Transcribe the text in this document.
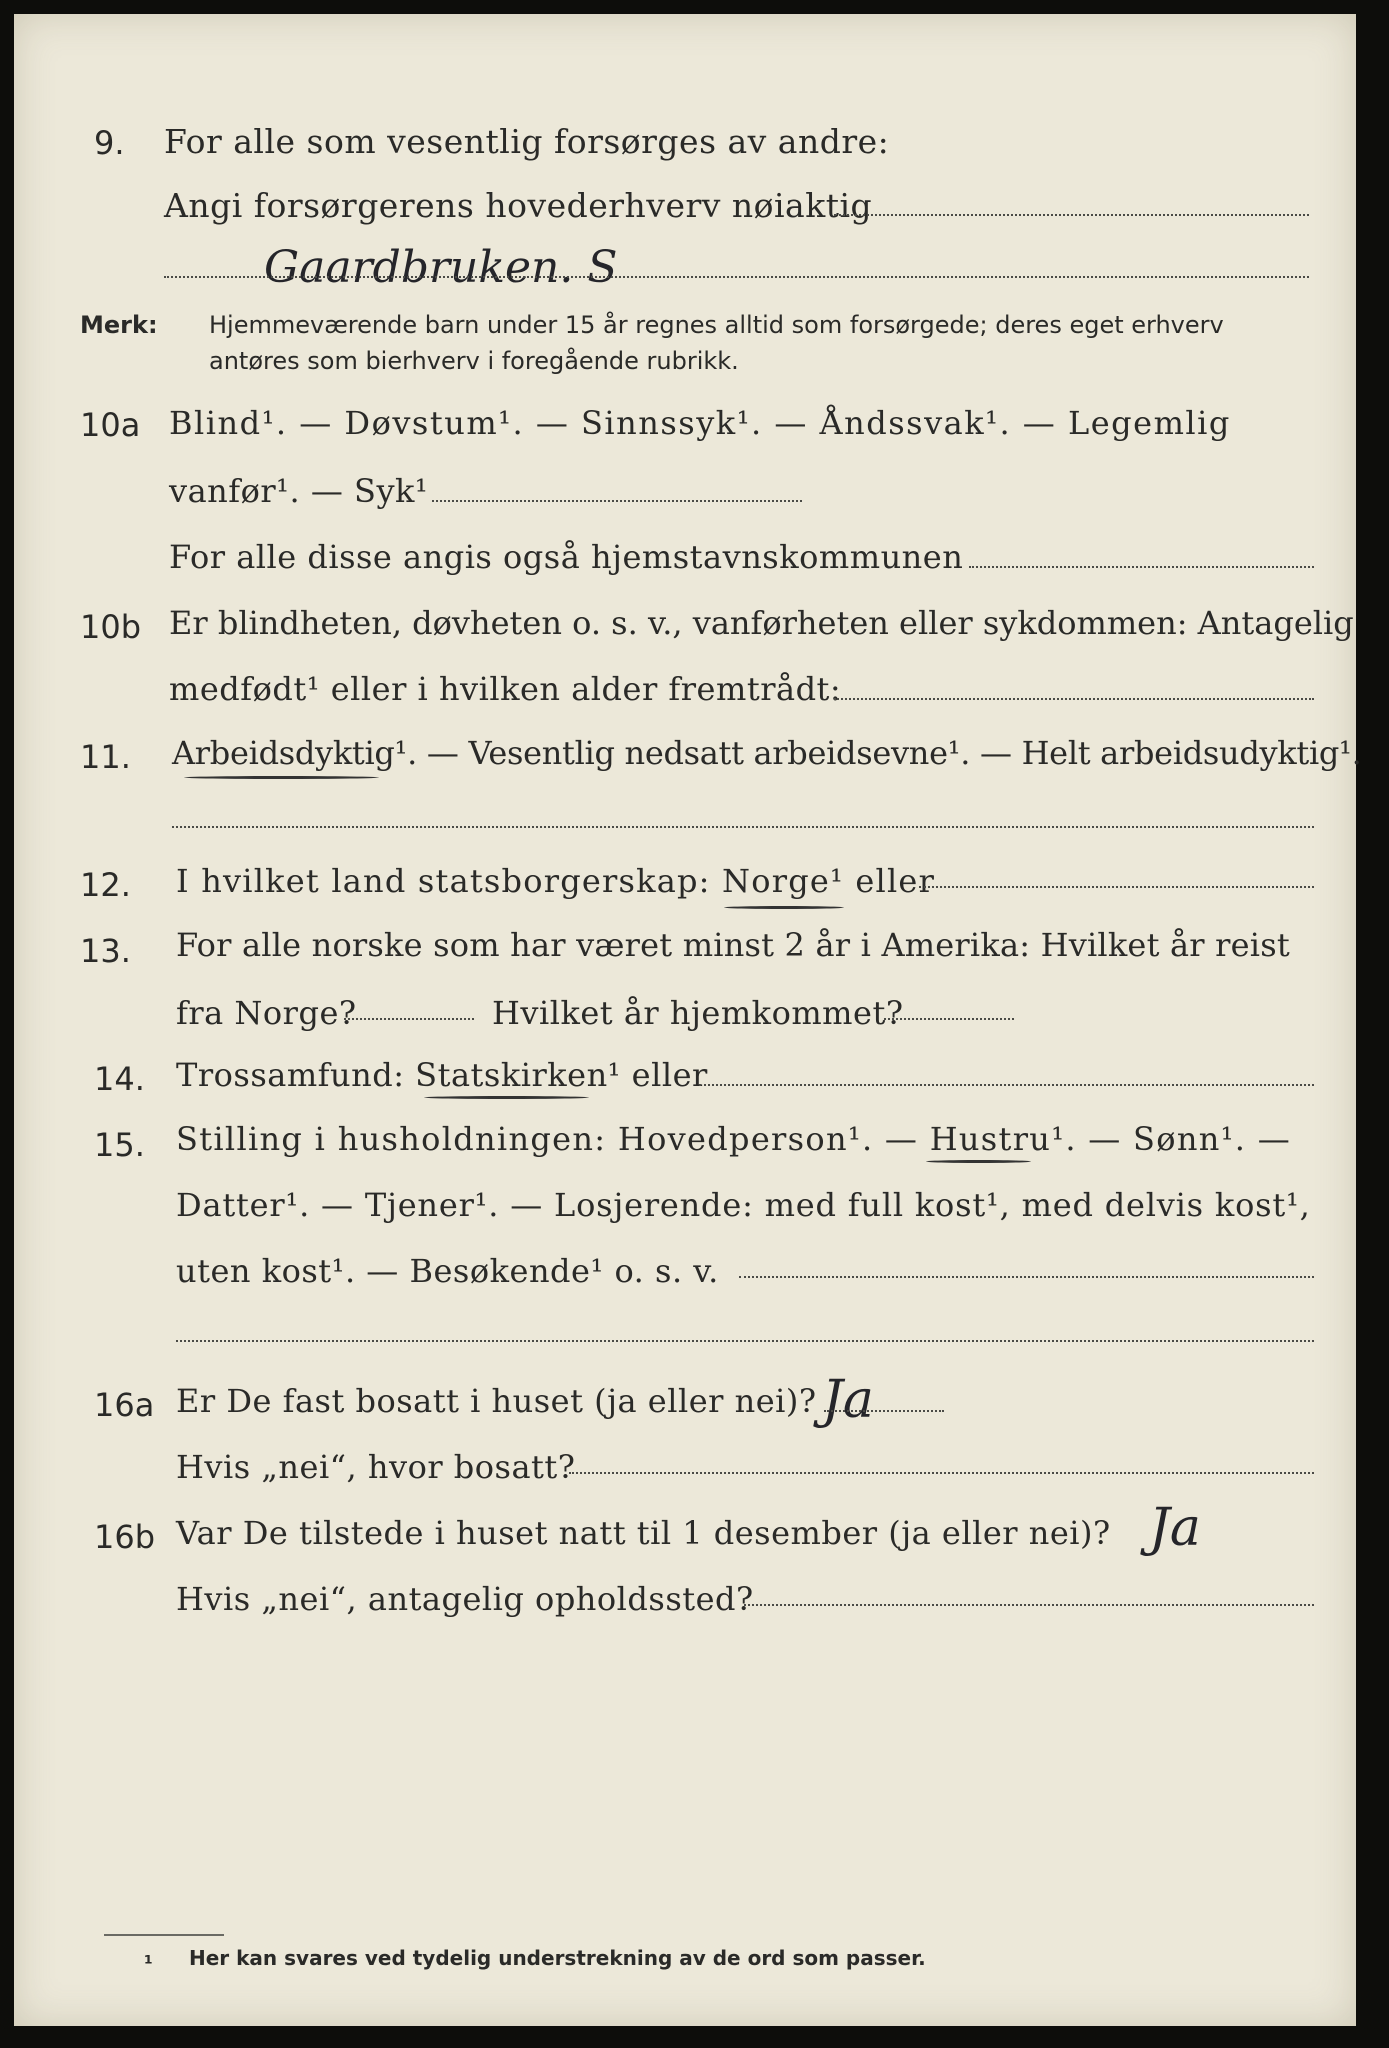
9. For alle som vesentlig forsørges av andre:
Angi forsørgerens hovederhverv nøiaktig
Gaardbruken. S
Merk: Hjemmeværende barn under 15 år regnes alltid som forsørgede; deres eget erhverv
antøres som bierhverv i foregående rubrikk.
10a Blind¹. — Døvstum¹. — Sinnssyk¹. — Åndssvak¹. — Legemlig
vanfør¹. — Syk¹
For alle disse angis også hjemstavnskommunen
10b Er blindheten, døvheten o. s. v., vanførheten eller sykdommen: Antagelig
medfødt¹ eller i hvilken alder fremtrådt:
11. Arbeidsdyktig¹. — Vesentlig nedsatt arbeidsevne¹. — Helt arbeidsudyktig¹.
12. I hvilket land statsborgerskap: Norge¹ eller
13. For alle norske som har været minst 2 år i Amerika: Hvilket år reist
fra Norge?	Hvilket år hjemkommet?
14. Trossamfund: Statskirken¹ eller
15. Stilling i husholdningen: Hovedperson¹. — Hustru¹. — Sønn¹. —
Datter¹. — Tjener¹. — Losjerende: med full kost¹, med delvis kost¹,
uten kost¹. — Besøkende¹ o. s. v.
16a Er De fast bosatt i huset (ja eller nei)? Ja
Hvis „nei“, hvor bosatt?
16b Var De tilstede i huset natt til 1 desember (ja eller nei)? Ja
Hvis „nei“, antagelig opholdssted?
¹ Her kan svares ved tydelig understrekning av de ord som passer.
